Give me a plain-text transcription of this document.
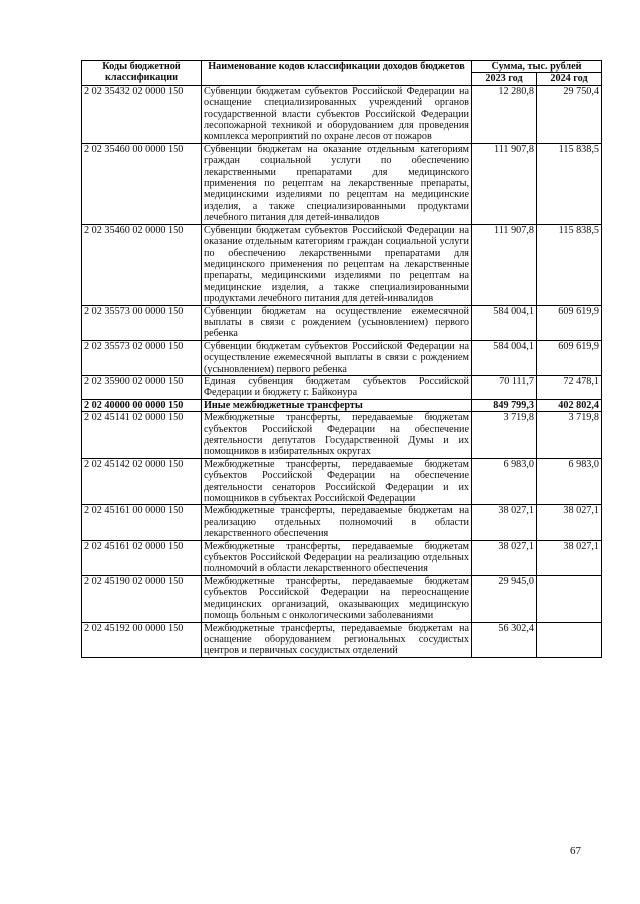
Коды бюджетной классификации	Наименование кодов классификации доходов бюджетов	Сумма, тыс. рублей	
		2023 год	2024 год
2 02 35432 02 0000 150	Субвенции бюджетам субъектов Российской Федерации на оснащение специализированных учреждений органов государственной власти субъектов Российской Федерации лесопожарной техникой и оборудованием для проведения комплекса мероприятий по охране лесов от пожаров	12 280,8	29 750,4
2 02 35460 00 0000 150	Субвенции бюджетам на оказание отдельным категориям граждан социальной услуги по обеспечению лекарственными препаратами для медицинского применения по рецептам на лекарственные препараты, медицинскими изделиями по рецептам на медицинские изделия, а также специализированными продуктами лечебного питания для детей-инвалидов	111 907,8	115 838,5
2 02 35460 02 0000 150	Субвенции бюджетам субъектов Российской Федерации на оказание отдельным категориям граждан социальной услуги по обеспечению лекарственными препаратами для медицинского применения по рецептам на лекарственные препараты, медицинскими изделиями по рецептам на медицинские изделия, а также специализированными продуктами лечебного питания для детей-инвалидов	111 907,8	115 838,5
2 02 35573 00 0000 150	Субвенции бюджетам на осуществление ежемесячной выплаты в связи с рождением (усыновлением) первого ребенка	584 004,1	609 619,9
2 02 35573 02 0000 150	Субвенции бюджетам субъектов Российской Федерации на осуществление ежемесячной выплаты в связи с рождением (усыновлением) первого ребенка	584 004,1	609 619,9
2 02 35900 02 0000 150	Единая субвенция бюджетам субъектов Российской Федерации и бюджету г. Байконура	70 111,7	72 478,1
2 02 40000 00 0000 150	Иные межбюджетные трансферты	849 799,3	402 802,4
2 02 45141 02 0000 150	Межбюджетные трансферты, передаваемые бюджетам субъектов Российской Федерации на обеспечение деятельности депутатов Государственной Думы и их помощников в избирательных округах	3 719,8	3 719,8
2 02 45142 02 0000 150	Межбюджетные трансферты, передаваемые бюджетам субъектов Российской Федерации на обеспечение деятельности сенаторов Российской Федерации и их помощников в субъектах Российской Федерации	6 983,0	6 983,0
2 02 45161 00 0000 150	Межбюджетные трансферты, передаваемые бюджетам на реализацию отдельных полномочий в области лекарственного обеспечения	38 027,1	38 027,1
2 02 45161 02 0000 150	Межбюджетные трансферты, передаваемые бюджетам субъектов Российской Федерации на реализацию отдельных полномочий в области лекарственного обеспечения	38 027,1	38 027,1
2 02 45190 02 0000 150	Межбюджетные трансферты, передаваемые бюджетам субъектов Российской Федерации на переоснащение медицинских организаций, оказывающих медицинскую помощь больным с онкологическими заболеваниями	29 945,0	
2 02 45192 00 0000 150	Межбюджетные трансферты, передаваемые бюджетам на оснащение оборудованием региональных сосудистых центров и первичных сосудистых отделений	56 302,4	
67
